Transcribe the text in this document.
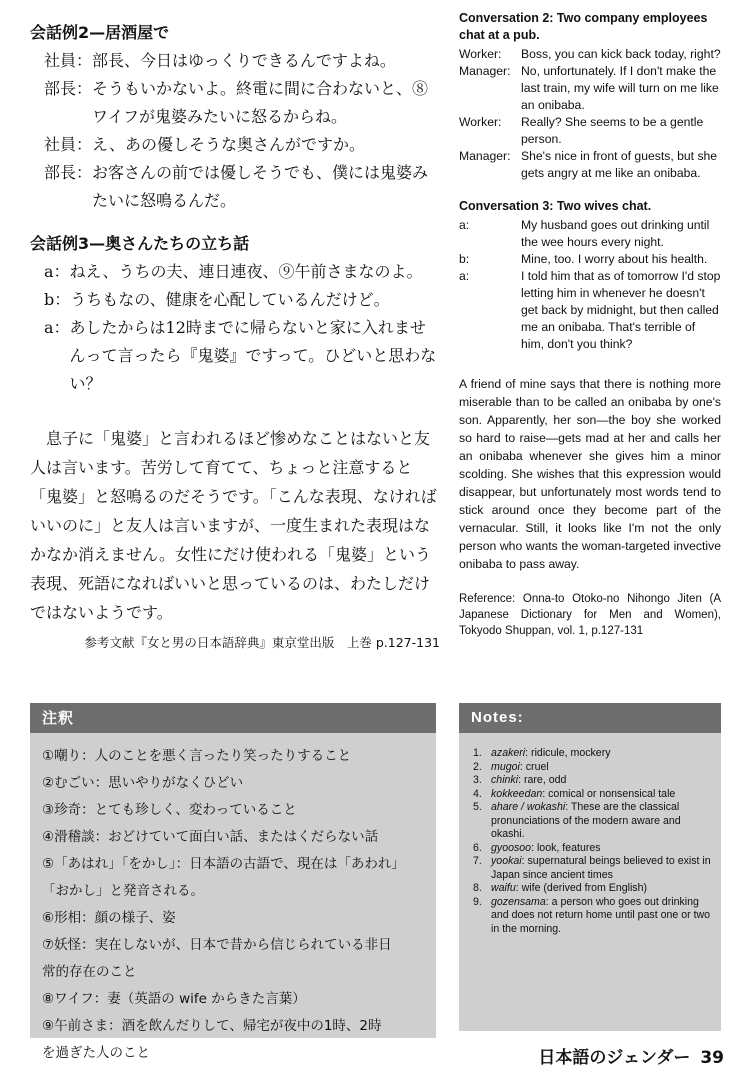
会話例2—居酒屋で
社員： 部長、今日はゆっくりできるんですよね。
部長： そうもいかないよ。終電に間に合わないと、⑧ワイフが鬼婆みたいに怒るからね。
社員： え、あの優しそうな奥さんがですか。
部長： お客さんの前では優しそうでも、僕には鬼婆みたいに怒鳴るんだ。
会話例3—奥さんたちの立ち話
a： ねえ、うちの夫、連日連夜、⑨午前さまなのよ。
b： うちもなの、健康を心配しているんだけど。
a： あしたからは12時までに帰らないと家に入れませんって言ったら『鬼婆』ですって。ひどいと思わない？
息子に「鬼婆」と言われるほど惨めなことはないと友人は言います。苦労して育てて、ちょっと注意すると「鬼婆」と怒鳴るのだそうです。「こんな表現、なければいいのに」と友人は言いますが、一度生まれた表現はなかなか消えません。女性にだけ使われる「鬼婆」という表現、死語になればいいと思っているのは、わたしだけではないようです。
参考文献『女と男の日本語辞典』東京堂出版　上巻 p.127-131
Conversation 2: Two company employees chat at a pub.
Worker:	Boss, you can kick back today, right?
Manager: No, unfortunately. If I don't make the last train, my wife will turn on me like an onibaba.
Worker:	Really? She seems to be a gentle person.
Manager: She's nice in front of guests, but she gets angry at me like an onibaba.
Conversation 3: Two wives chat.
a:	My husband goes out drinking until the wee hours every night.
b:	Mine, too. I worry about his health.
a:	I told him that as of tomorrow I'd stop letting him in whenever he doesn't get back by midnight, but then called me an onibaba. That's terrible of him, don't you think?

A friend of mine says that there is nothing more miserable than to be called an onibaba by one's son. Apparently, her son—the boy she worked so hard to raise—gets mad at her and calls her an onibaba whenever she gives him a minor scolding. She wishes that this expression would disappear, but unfortunately most words tend to stick around once they become part of the vernacular. Still, it looks like I'm not the only person who wants the woman-targeted invective onibaba to pass away.

Reference: Onna-to Otoko-no Nihongo Jiten (A Japanese Dictionary for Men and Women), Tokyodo Shuppan, vol. 1, p.127-131
注釈
①嘲り：人のことを悪く言ったり笑ったりすること
②むごい：思いやりがなくひどい
③珍奇：とても珍しく、変わっていること
④滑稽談：おどけていて面白い話、またはくだらない話
⑤「あはれ」「をかし」：日本語の古語で、現在は「あわれ」
「おかし」と発音される。
⑥形相：顔の様子、姿
⑦妖怪：実在しないが、日本で昔から信じられている非日
常的存在のこと
⑧ワイフ：妻（英語の wife からきた言葉）
⑨午前さま：酒を飲んだりして、帰宅が夜中の1時、2時
を過ぎた人のこと
Notes:
1. azakeri: ridicule, mockery
2. mugoi: cruel
3. chinki: rare, odd
4. kokkeedan: comical or nonsensical tale
5. ahare / wokashi: These are the classical pronunciations of the modern aware and okashi.
6. gyoosoo: look, features
7. yookai: supernatural beings believed to exist in Japan since ancient times
8. waifu: wife (derived from English)
9. gozensama: a person who goes out drinking and does not return home until past one or two in the morning.
日本語のジェンダー 39
